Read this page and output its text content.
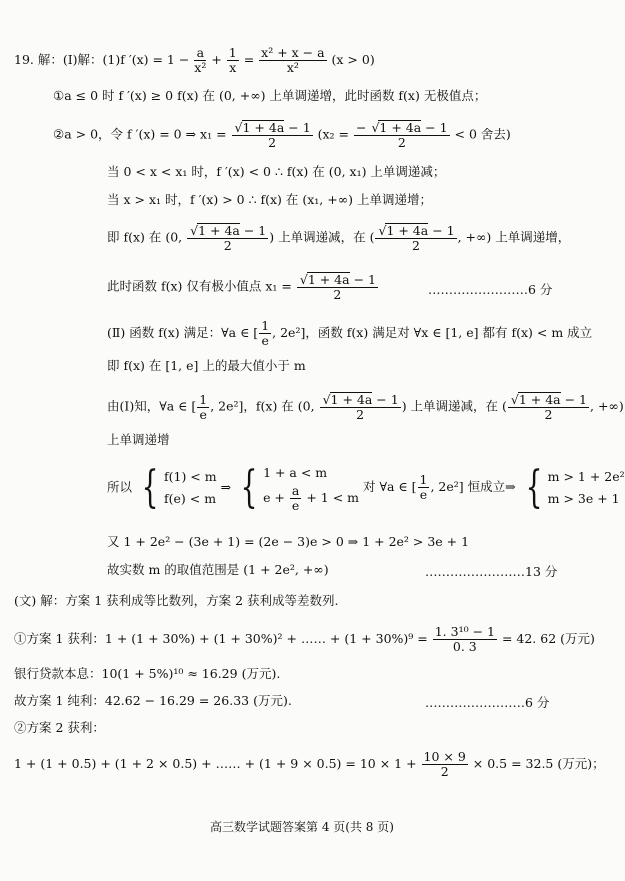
19. 解：(Ⅰ)解：(1)f $'(x) = 1 - \frac{a}{\text{x²}} + \frac{1}{x} = \frac{\text{x² + x − a}}{\text{x²}} (x > 0)$
①a ≤ 0 时 f ′(x) ≥ 0 f(x) 在 (0, +∞) 上单调递增，此时函数 f(x) 无极值点；
②a > 0，令 f ′(x) = 0 ⇒ x₁ = √ $\frac{1 + 4a - 1}{2} (x_2 = \frac{- √ 1 + 4a - 1}{2} < 0$ 舍去)
当 0 < x < x₁ 时，f ′(x) < 0 ∴ f(x) 在 (0, x₁) 上单调递减；
当 x > x₁ 时，f ′(x) > 0 ∴ f(x) 在 (x₁, +∞) 上单调递增；
即 f(x) 在 (0, √ $\frac{1 + 4a - 1}{2}$ ) 上单调递减，在 ( √ $\frac{1 + 4a - 1}{2}$ , +∞) 上单调递增，
此时函数 f(x) 仅有极小值点 x₁ = √ $\frac{1 + 4a - 1}{2}$	……………………6 分
(Ⅱ) 函数 f(x) 满足：∀a ∈ [ $\frac{1}{e}$ , 2e²]，函数 f(x) 满足对 ∀x ∈ [1, e] 都有 f(x) < m 成立
即 f(x) 在 [1, e] 上的最大值小于 m
由(Ⅰ)知，∀a ∈ [ $\frac{1}{e}$ , 2e²]，f(x) 在 (0, √ $\frac{1 + 4a - 1}{2}$ ) 上单调递减，在 ( √ $\frac{1 + 4a - 1}{2}$ , +∞)
上单调递增
所以 { f(1) < m
f(e) < m
⇒ { 1 + a < m
$e + \frac{a}{e} + 1 < m$
对 ∀a ∈ [ $\frac{1}{e}$ , 2e²] 恒成立⇒ { m > 1 + 2e²
m > 3e + 1
又 1 + 2e² − (3e + 1) = (2e − 3)e > 0 ⇒ 1 + 2e² > 3e + 1
故实数 m 的取值范围是 (1 + 2e², +∞)	……………………13 分
(文) 解：方案 1 获利成等比数列，方案 2 获利成等差数列.
①方案 1 获利：1 + (1 + 30%) + (1 + 30%)² + …… + $(1 + 30\%)^9 = \frac{\text{1. 3¹⁰ − 1}}{0. 3} = 42$. 62 (万元)
银行贷款本息：10(1 + 5%)¹⁰ ≈ 16.29 (万元).
故方案 1 纯利：42.62 − 16.29 = 26.33 (万元).	……………………6 分
②方案 2 获利：
1 + (1 + 0.5) + (1 + 2 × 0.5) + …… + $(1 + 9 \times 0.5) = 10 \times 1 + \frac{10 \times 9}{2} \times 0.5 = 32.5$ (万元)；
高三数学试题答案第 4 页(共 8 页)
